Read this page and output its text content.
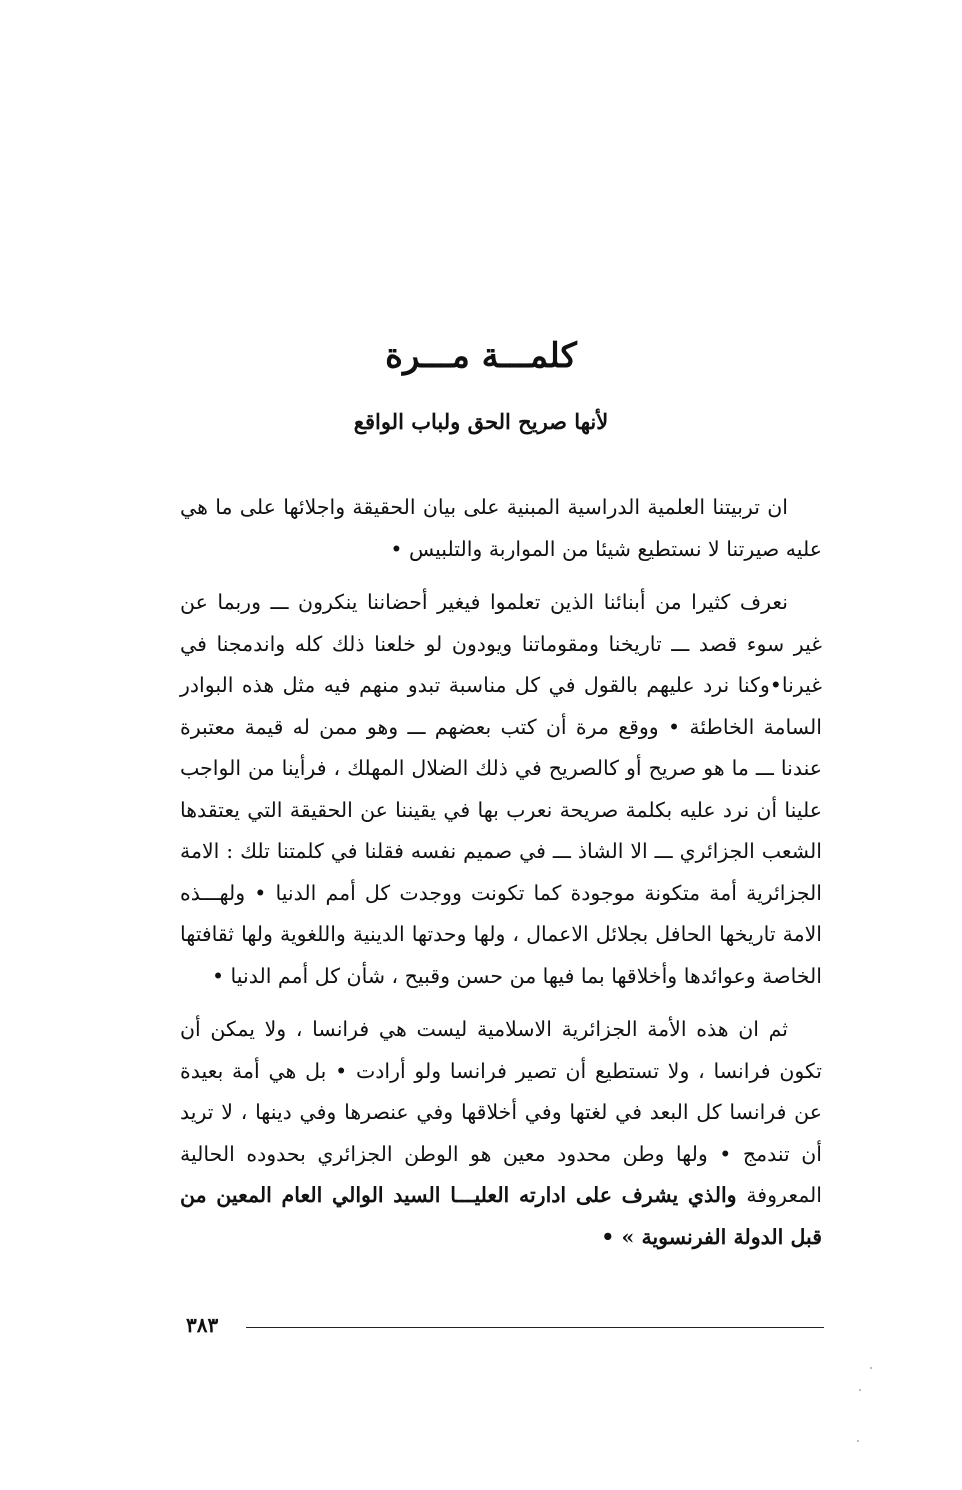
كلمـــة مـــرة
لأنها صريح الحق ولباب الواقع

ان تربيتنا العلمية الدراسية المبنية على بيان الحقيقة واجلائها على ما هي عليه صيرتنا لا نستطيع شيئا من المواربة والتلبيس •

نعرف كثيرا من أبنائنا الذين تعلموا فيغير أحضاننا ينكرون ـــ وربما عن غير سوء قصد ـــ تاريخنا ومقوماتنا ويودون لو خلعنا ذلك كله واندمجنا في غيرنا•وكنا نرد عليهم بالقول في كل مناسبة تبدو منهم فيه مثل هذه البوادر السامة الخاطئة • ووقع مرة أن كتب بعضهم ـــ وهو ممن له قيمة معتبرة عندنا ـــ ما هو صريح أو كالصريح في ذلك الضلال المهلك ، فرأينا من الواجب علينا أن نرد عليه بكلمة صريحة نعرب بها في يقيننا عن الحقيقة التي يعتقدها الشعب الجزائري ـــ الا الشاذ ـــ في صميم نفسه فقلنا في كلمتنا تلك : الامة الجزائرية أمة متكونة موجودة كما تكونت ووجدت كل أمم الدنيا • ولهـــذه الامة تاريخها الحافل بجلائل الاعمال ، ولها وحدتها الدينية واللغوية ولها ثقافتها الخاصة وعوائدها وأخلاقها بما فيها من حسن وقبيح ، شأن كل أمم الدنيا •

ثم ان هذه الأمة الجزائرية الاسلامية ليست هي فرانسا ، ولا يمكن أن تكون فرانسا ، ولا تستطيع أن تصير فرانسا ولو أرادت • بل هي أمة بعيدة عن فرانسا كل البعد في لغتها وفي أخلاقها وفي عنصرها وفي دينها ، لا تريد أن تندمج • ولها وطن محدود معين هو الوطن الجزائري بحدوده الحالية المعروفة والذي يشرف على ادارته العليـــا السيد الوالي العام المعين من قبل الدولة الفرنسوية » •

٣٨٣
